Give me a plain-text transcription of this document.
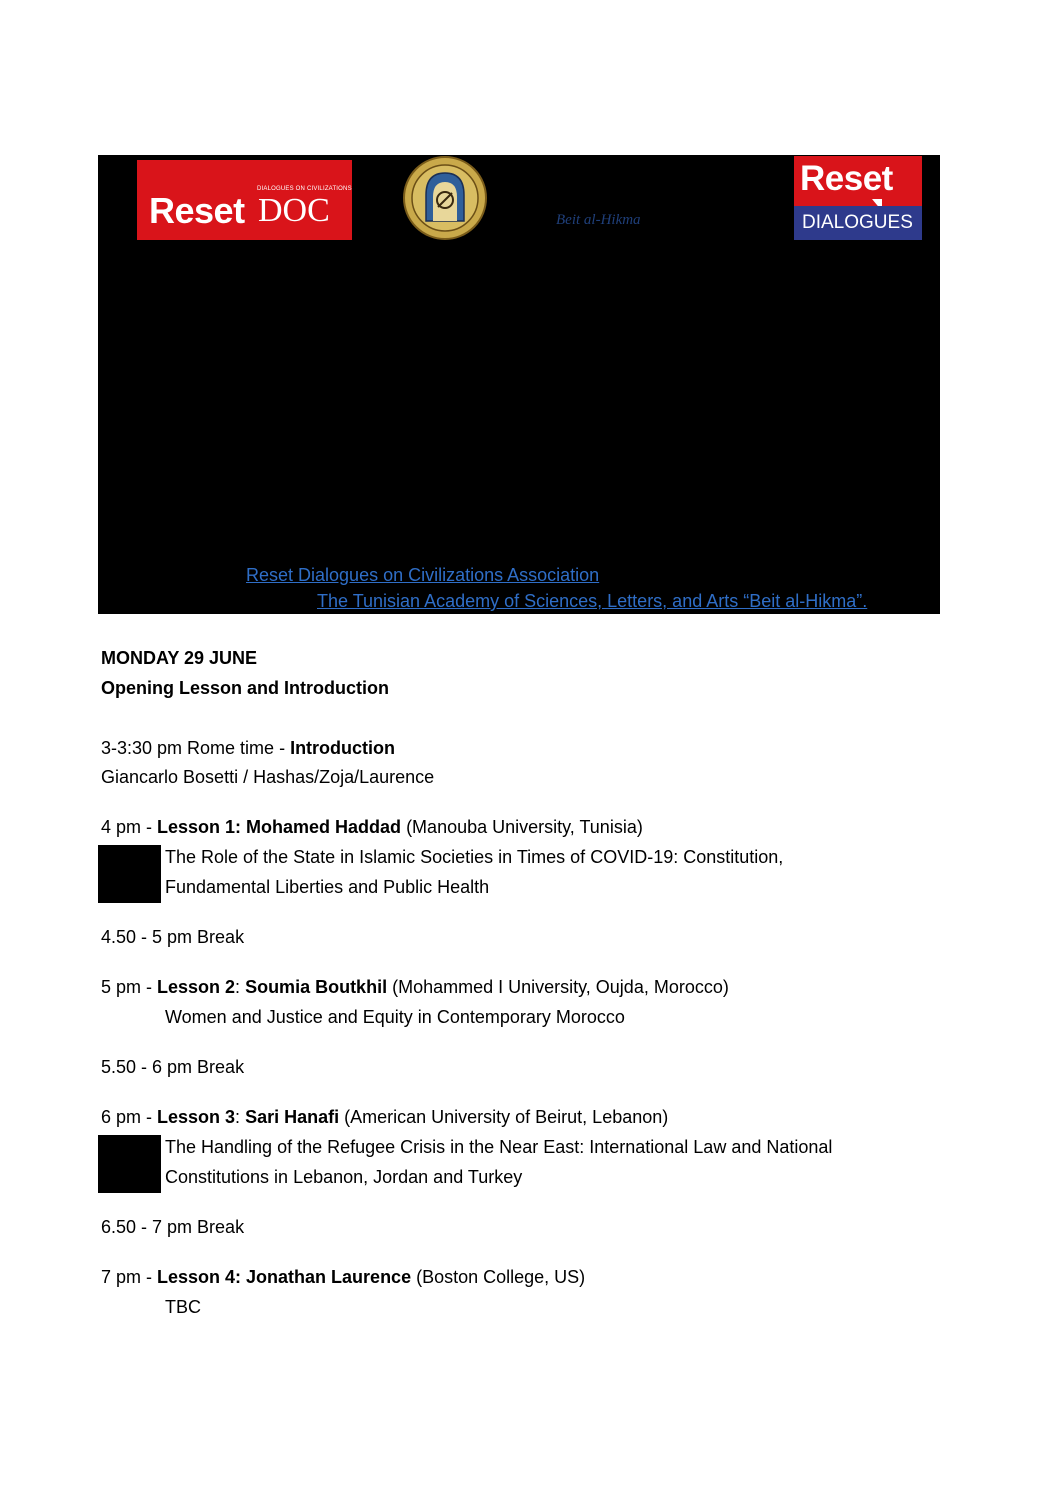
DIALOGUES ON CIVILIZATIONS
Reset DOC	Beit al-Hikma
Reset
DIALOGUES
Reset Dialogues on Civilizations Association
The Tunisian Academy of Sciences, Letters, and Arts “Beit al-Hikma”.
MONDAY 29 JUNE
Opening Lesson and Introduction
3-3:30 pm Rome time - Introduction
Giancarlo Bosetti / Hashas/Zoja/Laurence
4 pm - Lesson 1: Mohamed Haddad (Manouba University, Tunisia)
The Role of the State in Islamic Societies in Times of COVID-19: Constitution,
Fundamental Liberties and Public Health
4.50 - 5 pm Break
5 pm - Lesson 2: Soumia Boutkhil (Mohammed I University, Oujda, Morocco)
Women and Justice and Equity in Contemporary Morocco
5.50 - 6 pm Break
6 pm - Lesson 3: Sari Hanafi (American University of Beirut, Lebanon)
The Handling of the Refugee Crisis in the Near East: International Law and National
Constitutions in Lebanon, Jordan and Turkey
6.50 - 7 pm Break
7 pm - Lesson 4: Jonathan Laurence (Boston College, US)
TBC
